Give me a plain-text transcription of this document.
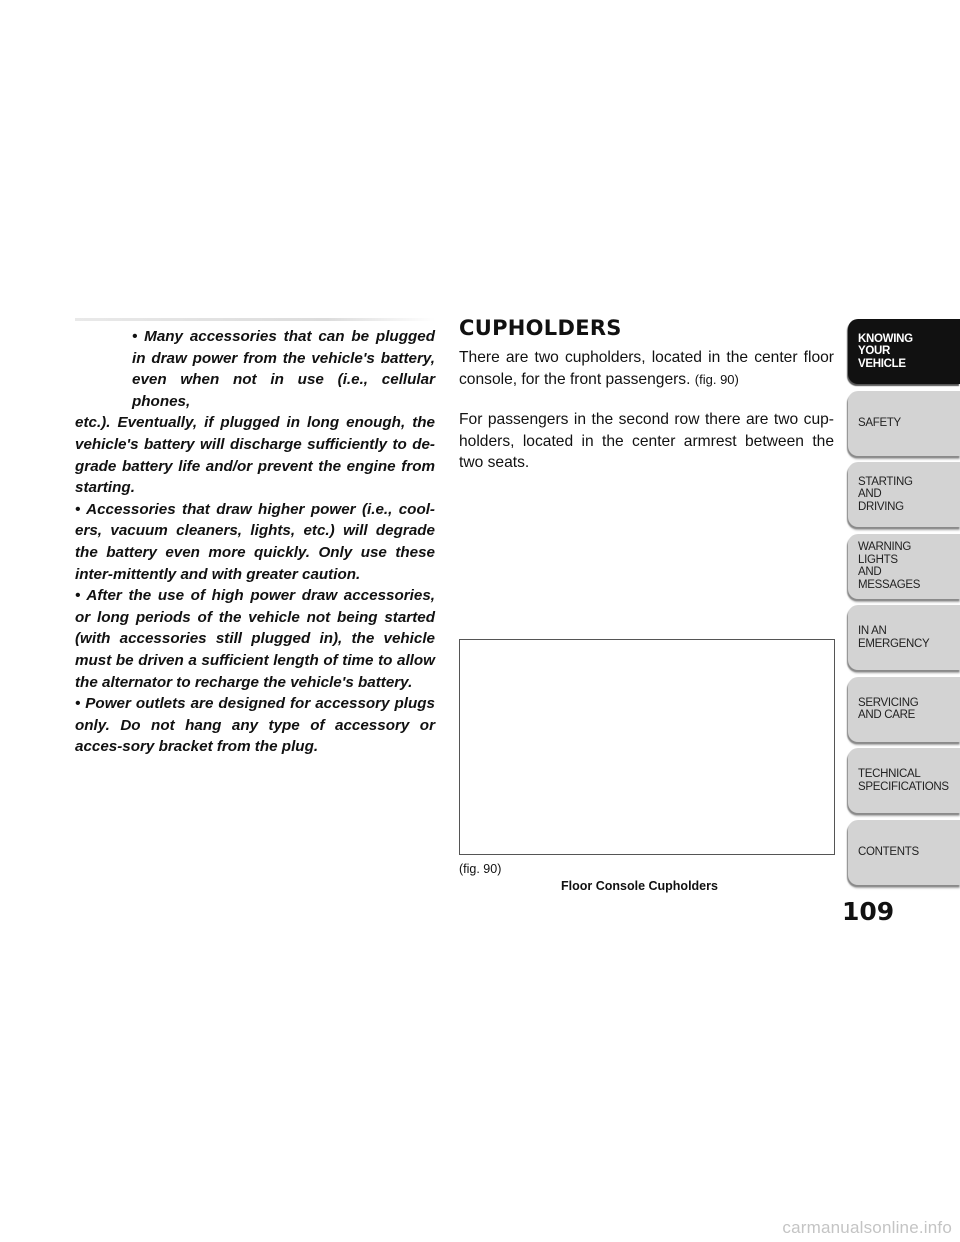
• Many accessories that can be plugged in draw power from the vehicle's battery, even when not in use (i.e., cellular phones,

etc.). Eventually, if plugged in long enough, the vehicle's battery will discharge sufficiently to de-grade battery life and/or prevent the engine from starting.

• Accessories that draw higher power (i.e., cool-ers, vacuum cleaners, lights, etc.) will degrade the battery even more quickly. Only use these inter-mittently and with greater caution.

• After the use of high power draw accessories, or long periods of the vehicle not being started (with accessories still plugged in), the vehicle must be driven a sufficient length of time to allow the alternator to recharge the vehicle's battery.

• Power outlets are designed for accessory plugs only. Do not hang any type of accessory or acces-sory bracket from the plug.

CUPHOLDERS

There are two cupholders, located in the center floor console, for the front passengers. (fig. 90)

For passengers in the second row there are two cup-holders, located in the center armrest between the two seats.

(fig. 90)
Floor Console Cupholders
KNOWING
YOUR
VEHICLE
SAFETY
STARTING
AND
DRIVING
WARNING
LIGHTS
AND
MESSAGES
IN AN
EMERGENCY
SERVICING
AND CARE
TECHNICAL
SPECIFICATIONS
CONTENTS
109
carmanualsonline.info
